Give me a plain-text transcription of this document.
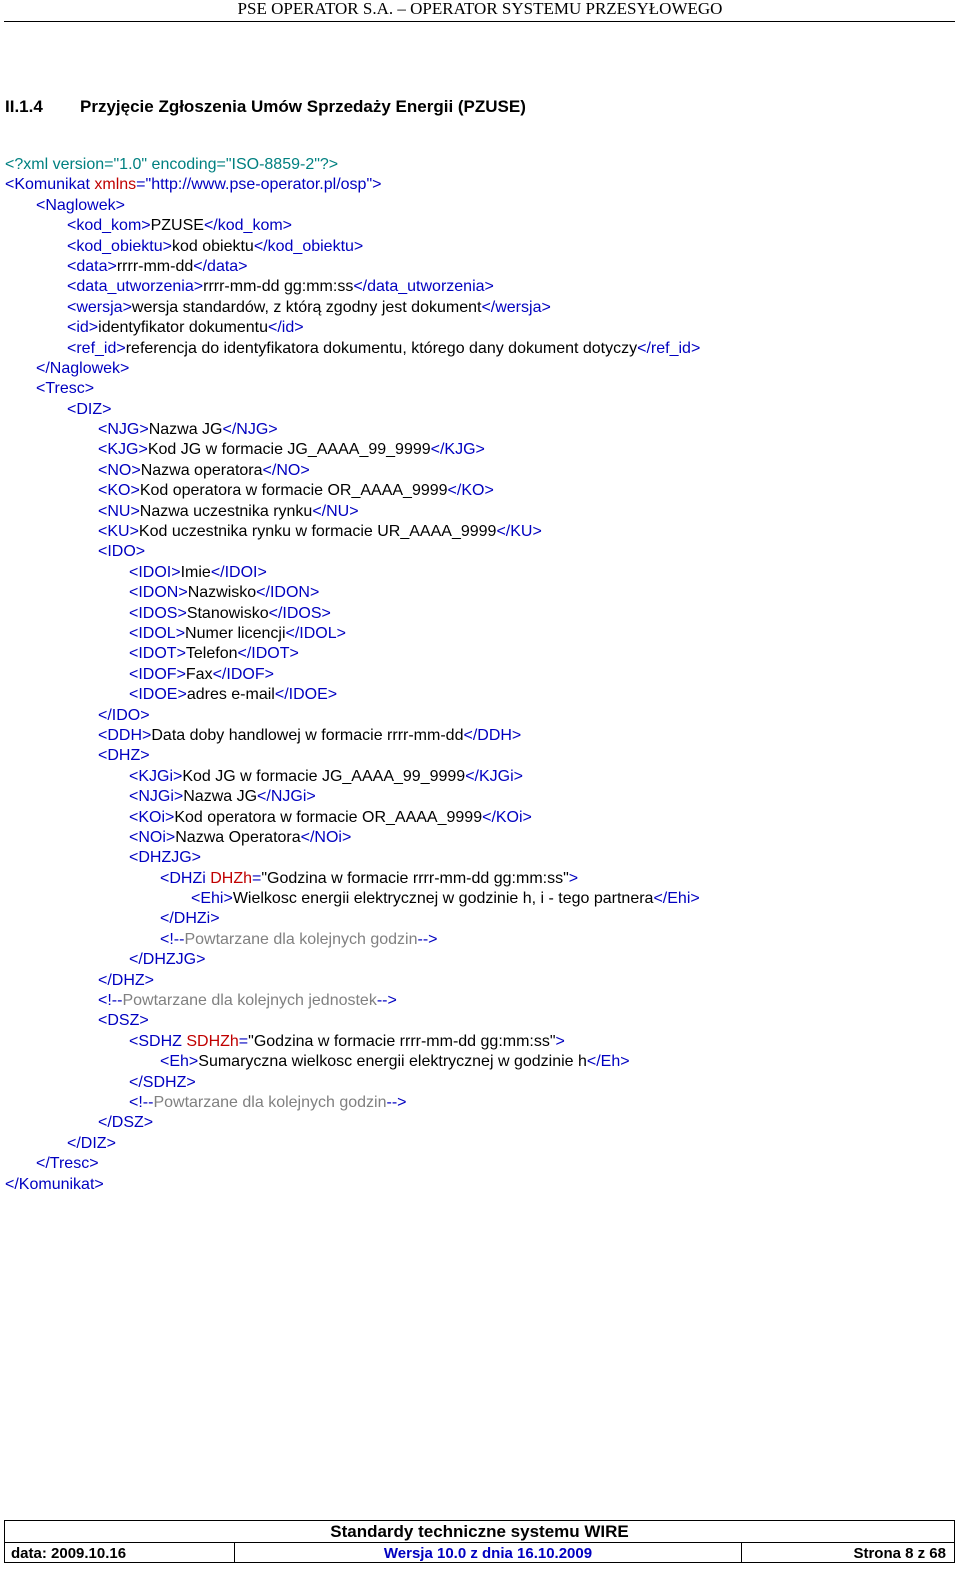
PSE OPERATOR S.A. – OPERATOR SYSTEMU PRZESYŁOWEGO
II.1.4 Przyjęcie Zgłoszenia Umów Sprzedaży Energii (PZUSE)
<?xml version="1.0" encoding="ISO-8859-2"?>
<Komunikat xmlns="http://www.pse-operator.pl/osp">
<Naglowek>
<kod_kom>PZUSE</kod_kom>
<kod_obiektu>kod obiektu</kod_obiektu>
<data>rrrr-mm-dd</data>
<data_utworzenia>rrrr-mm-dd gg:mm:ss</data_utworzenia>
<wersja>wersja standardów, z którą zgodny jest dokument</wersja>
<id>identyfikator dokumentu</id>
<ref_id>referencja do identyfikatora dokumentu, którego dany dokument dotyczy</ref_id>
</Naglowek>
<Tresc>
<DIZ>
<NJG>Nazwa JG</NJG>
<KJG>Kod JG w formacie JG_AAAA_99_9999</KJG>
<NO>Nazwa operatora</NO>
<KO>Kod operatora w formacie OR_AAAA_9999</KO>
<NU>Nazwa uczestnika rynku</NU>
<KU>Kod uczestnika rynku w formacie UR_AAAA_9999</KU>
<IDO>
<IDOI>Imie</IDOI>
<IDON>Nazwisko</IDON>
<IDOS>Stanowisko</IDOS>
<IDOL>Numer licencji</IDOL>
<IDOT>Telefon</IDOT>
<IDOF>Fax</IDOF>
<IDOE>adres e-mail</IDOE>
</IDO>
<DDH>Data doby handlowej w formacie rrrr-mm-dd</DDH>
<DHZ>
<KJGi>Kod JG w formacie JG_AAAA_99_9999</KJGi>
<NJGi>Nazwa JG</NJGi>
<KOi>Kod operatora w formacie OR_AAAA_9999</KOi>
<NOi>Nazwa Operatora</NOi>
<DHZJG>
<DHZi DHZh="Godzina w formacie rrrr-mm-dd gg:mm:ss">
<Ehi>Wielkosc energii elektrycznej w godzinie h, i - tego partnera</Ehi>
</DHZi>
<!--Powtarzane dla kolejnych godzin-->
</DHZJG>
</DHZ>
<!--Powtarzane dla kolejnych jednostek-->
<DSZ>
<SDHZ SDHZh="Godzina w formacie rrrr-mm-dd gg:mm:ss">
<Eh>Sumaryczna wielkosc energii elektrycznej w godzinie h</Eh>
</SDHZ>
<!--Powtarzane dla kolejnych godzin-->
</DSZ>
</DIZ>
</Tresc>
</Komunikat>
Standardy techniczne systemu WIRE
data: 2009.10.16	Wersja 10.0 z dnia 16.10.2009	Strona 8 z 68
